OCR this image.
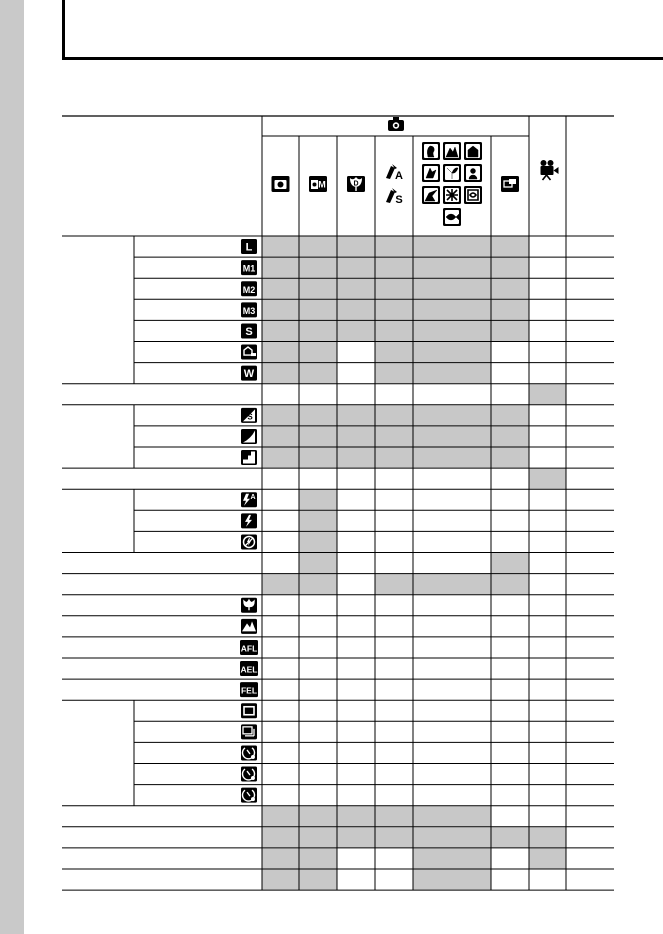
L
M1
M2
M3
S
W
S
A
AFL
AEL
FEL
M	D
A
S
